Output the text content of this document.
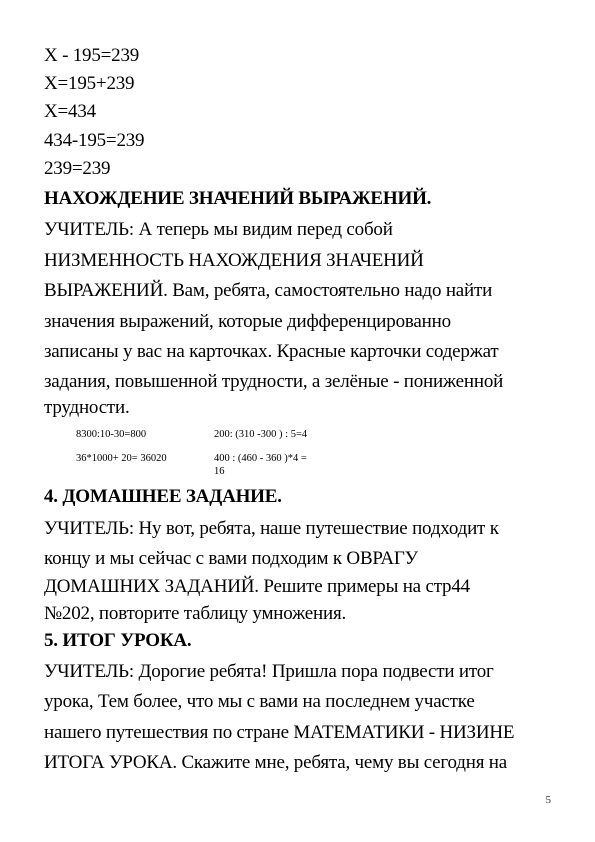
Х - 195=239
Х=195+239
Х=434
434-195=239
239=239
НАХОЖДЕНИЕ ЗНАЧЕНИЙ ВЫРАЖЕНИЙ.
УЧИТЕЛЬ: А теперь мы видим перед собой
НИЗМЕННОСТЬ НАХОЖДЕНИЯ ЗНАЧЕНИЙ
ВЫРАЖЕНИЙ. Вам, ребята, самостоятельно надо найти
значения выражений, которые дифференцированно
записаны у вас на карточках. Красные карточки содержат
задания, повышенной трудности, а зелёные - пониженной
трудности.
8300:10-30=800
36*1000+ 20= 36020
200: (310 -300 ) : 5=4
400 : (460 - 360 )*4 =
16
4. ДОМАШНЕЕ ЗАДАНИЕ.
УЧИТЕЛЬ: Ну вот, ребята, наше путешествие подходит к
концу и мы сейчас с вами подходим к ОВРАГУ
ДОМАШНИХ ЗАДАНИЙ. Решите примеры на стр44
№202, повторите таблицу умножения.
5. ИТОГ УРОКА.
УЧИТЕЛЬ: Дорогие ребята! Пришла пора подвести итог
урока, Тем более, что мы с вами на последнем участке
нашего путешествия по стране МАТЕМАТИКИ - НИЗИНЕ
ИТОГА УРОКА. Скажите мне, ребята, чему вы сегодня на
5
